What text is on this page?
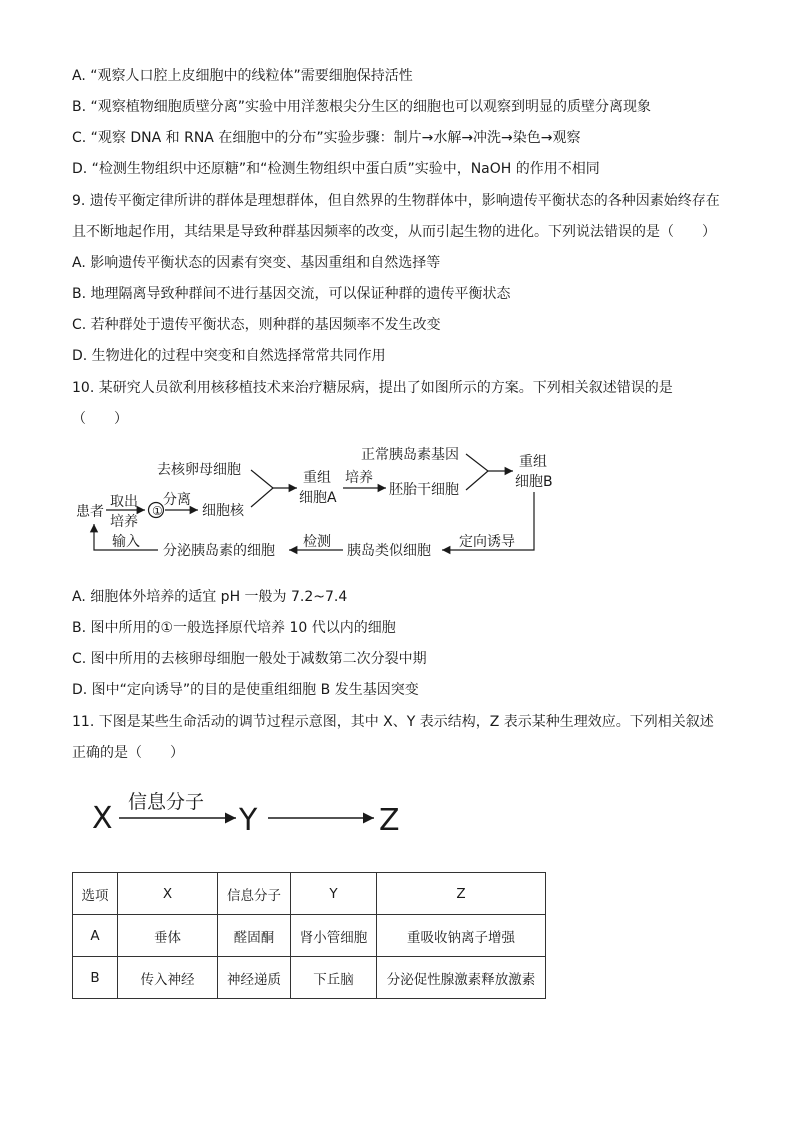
A. “观察人口腔上皮细胞中的线粒体”需要细胞保持活性
B. “观察植物细胞质壁分离”实验中用洋葱根尖分生区的细胞也可以观察到明显的质壁分离现象
C. “观察 DNA 和 RNA 在细胞中的分布”实验步骤：制片→水解→冲洗→染色→观察
D. “检测生物组织中还原糖”和“检测生物组织中蛋白质”实验中，NaOH 的作用不相同
9. 遗传平衡定律所讲的群体是理想群体，但自然界的生物群体中，影响遗传平衡状态的各种因素始终存在
且不断地起作用，其结果是导致种群基因频率的改变，从而引起生物的进化。下列说法错误的是（　　）
A. 影响遗传平衡状态的因素有突变、基因重组和自然选择等
B. 地理隔离导致种群间不进行基因交流，可以保证种群的遗传平衡状态
C. 若种群处于遗传平衡状态，则种群的基因频率不发生改变
D. 生物进化的过程中突变和自然选择常常共同作用
10. 某研究人员欲利用核移植技术来治疗糖尿病，提出了如图所示的方案。下列相关叙述错误的是
（　　）
患者
取出
培养
①
分离
细胞核
去核卵母细胞	重组
细胞A
培养
胚胎干细胞
正常胰岛素基因	重组
细胞B
定向诱导
胰岛类似细胞
检测
分泌胰岛素的细胞
输入
X 信息分子
Y	Z
A. 细胞体外培养的适宜 pH 一般为 7.2~7.4
B. 图中所用的①一般选择原代培养 10 代以内的细胞
C. 图中所用的去核卵母细胞一般处于减数第二次分裂中期
D. 图中“定向诱导”的目的是使重组细胞 B 发生基因突变
11. 下图是某些生命活动的调节过程示意图，其中 X、Y 表示结构，Z 表示某种生理效应。下列相关叙述
正确的是（　　）
选项	X	信息分子	Y	Z
A	垂体	醛固酮	肾小管细胞	重吸收钠离子增强
B	传入神经	神经递质	下丘脑	分泌促性腺激素释放激素
